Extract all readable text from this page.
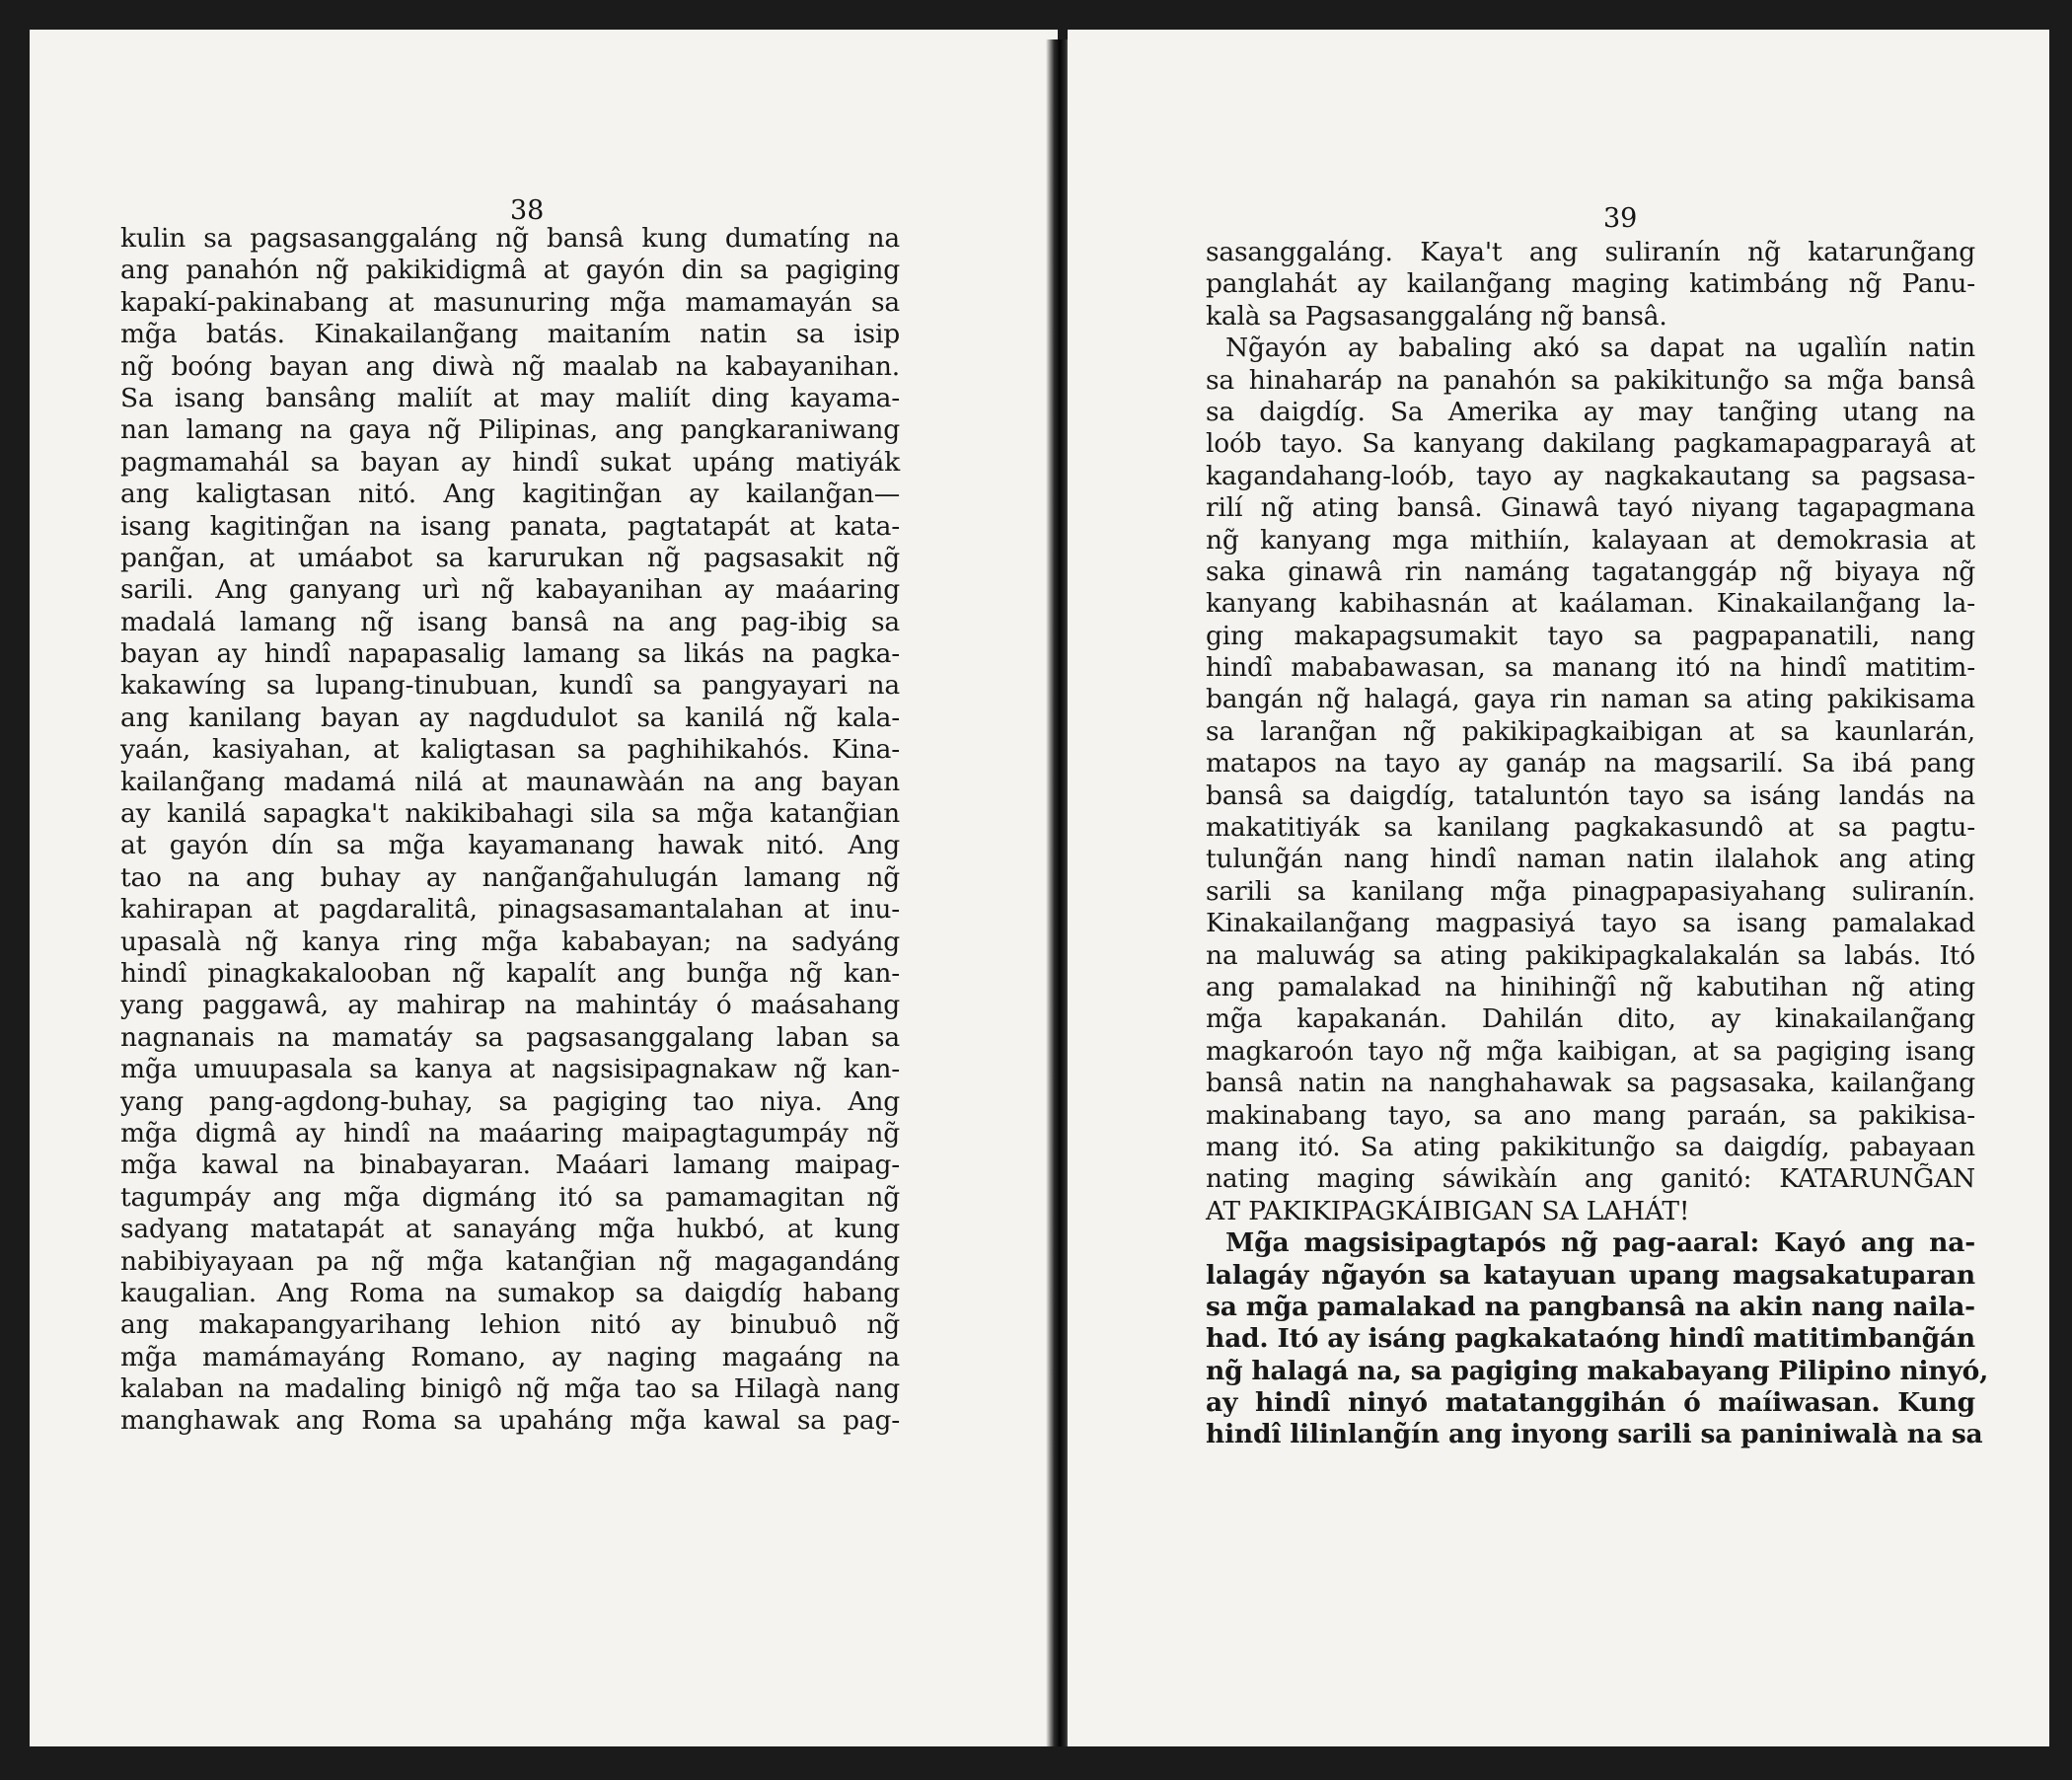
38	39
kulin sa pagsasanggaláng ng̃ bansâ kung dumatíng na
ang panahón ng̃ pakikidigmâ at gayón din sa pagiging
kapakí-pakinabang at masunuring mg̃a mamamayán sa
mg̃a batás. Kinakailang̃ang maitaním natin sa isip
ng̃ boóng bayan ang diwà ng̃ maalab na kabayanihan.
Sa isang bansâng maliít at may maliít ding kayama-
nan lamang na gaya ng̃ Pilipinas, ang pangkaraniwang
pagmamahál sa bayan ay hindî sukat upáng matiyák
ang kaligtasan nitó. Ang kagiting̃an ay kailang̃an—
isang kagiting̃an na isang panata, pagtatapát at kata-
pang̃an, at umáabot sa karurukan ng̃ pagsasakit ng̃
sarili. Ang ganyang urì ng̃ kabayanihan ay maáaring
madalá lamang ng̃ isang bansâ na ang pag-ibig sa
bayan ay hindî napapasalig lamang sa likás na pagka-
kakawíng sa lupang-tinubuan, kundî sa pangyayari na
ang kanilang bayan ay nagdudulot sa kanilá ng̃ kala-
yaán, kasiyahan, at kaligtasan sa paghihikahós. Kina-
kailang̃ang madamá nilá at maunawàán na ang bayan
ay kanilá sapagka't nakikibahagi sila sa mg̃a katang̃ian
at gayón dín sa mg̃a kayamanang hawak nitó. Ang
tao na ang buhay ay nang̃ang̃ahulugán lamang ng̃
kahirapan at pagdaralitâ, pinagsasamantalahan at inu-
upasalà ng̃ kanya ring mg̃a kababayan; na sadyáng
hindî pinagkakalooban ng̃ kapalít ang bung̃a ng̃ kan-
yang paggawâ, ay mahirap na mahintáy ó maásahang
nagnanais na mamatáy sa pagsasanggalang laban sa
mg̃a umuupasala sa kanya at nagsisipagnakaw ng̃ kan-
yang pang-agdong-buhay, sa pagiging tao niya. Ang
mg̃a digmâ ay hindî na maáaring maipagtagumpáy ng̃
mg̃a kawal na binabayaran. Maáari lamang maipag-
tagumpáy ang mg̃a digmáng itó sa pamamagitan ng̃
sadyang matatapát at sanayáng mg̃a hukbó, at kung
nabibiyayaan pa ng̃ mg̃a katang̃ian ng̃ magagandáng
kaugalian. Ang Roma na sumakop sa daigdíg habang
ang makapangyarihang lehion nitó ay binubuô ng̃
mg̃a mamámayáng Romano, ay naging magaáng na
kalaban na madaling binigô ng̃ mg̃a tao sa Hilagà nang
manghawak ang Roma sa upaháng mg̃a kawal sa pag-
sasanggaláng. Kaya't ang suliranín ng̃ katarung̃ang
panglahát ay kailang̃ang maging katimbáng ng̃ Panu-
kalà sa Pagsasanggaláng ng̃ bansâ.
Ng̃ayón ay babaling akó sa dapat na ugalìín natin
sa hinaharáp na panahón sa pakikitung̃o sa mg̃a bansâ
sa daigdíg. Sa Amerika ay may tang̃ing utang na
loób tayo. Sa kanyang dakilang pagkamapagparayâ at
kagandahang-loób, tayo ay nagkakautang sa pagsasa-
rilí ng̃ ating bansâ. Ginawâ tayó niyang tagapagmana
ng̃ kanyang mga mithiín, kalayaan at demokrasia at
saka ginawâ rin namáng tagatanggáp ng̃ biyaya ng̃
kanyang kabihasnán at kaálaman. Kinakailang̃ang la-
ging makapagsumakit tayo sa pagpapanatili, nang
hindî mababawasan, sa manang itó na hindî matitim-
bangán ng̃ halagá, gaya rin naman sa ating pakikisama
sa larang̃an ng̃ pakikipagkaibigan at sa kaunlarán,
matapos na tayo ay ganáp na magsarilí. Sa ibá pang
bansâ sa daigdíg, tataluntón tayo sa isáng landás na
makatitiyák sa kanilang pagkakasundô at sa pagtu-
tulung̃án nang hindî naman natin ilalahok ang ating
sarili sa kanilang mg̃a pinagpapasiyahang suliranín.
Kinakailang̃ang magpasiyá tayo sa isang pamalakad
na maluwág sa ating pakikipagkalakalán sa labás. Itó
ang pamalakad na hinihing̃î ng̃ kabutihan ng̃ ating
mg̃a kapakanán. Dahilán dito, ay kinakailang̃ang
magkaroón tayo ng̃ mg̃a kaibigan, at sa pagiging isang
bansâ natin na nanghahawak sa pagsasaka, kailang̃ang
makinabang tayo, sa ano mang paraán, sa pakikisa-
mang itó. Sa ating pakikitung̃o sa daigdíg, pabayaan
nating maging sáwikàín ang ganitó: KATARUNG̃AN
AT PAKIKIPAGKÁIBIGAN SA LAHÁT!
Mg̃a magsisipagtapós ng̃ pag-aaral: Kayó ang na-
lalagáy ng̃ayón sa katayuan upang magsakatuparan
sa mg̃a pamalakad na pangbansâ na akin nang naila-
had. Itó ay isáng pagkakataóng hindî matitimbang̃án
ng̃ halagá na, sa pagiging makabayang Pilipino ninyó,
ay hindî ninyó matatanggihán ó maíiwasan. Kung
hindî lilinlang̃ín ang inyong sarili sa paniniwalà na sa
